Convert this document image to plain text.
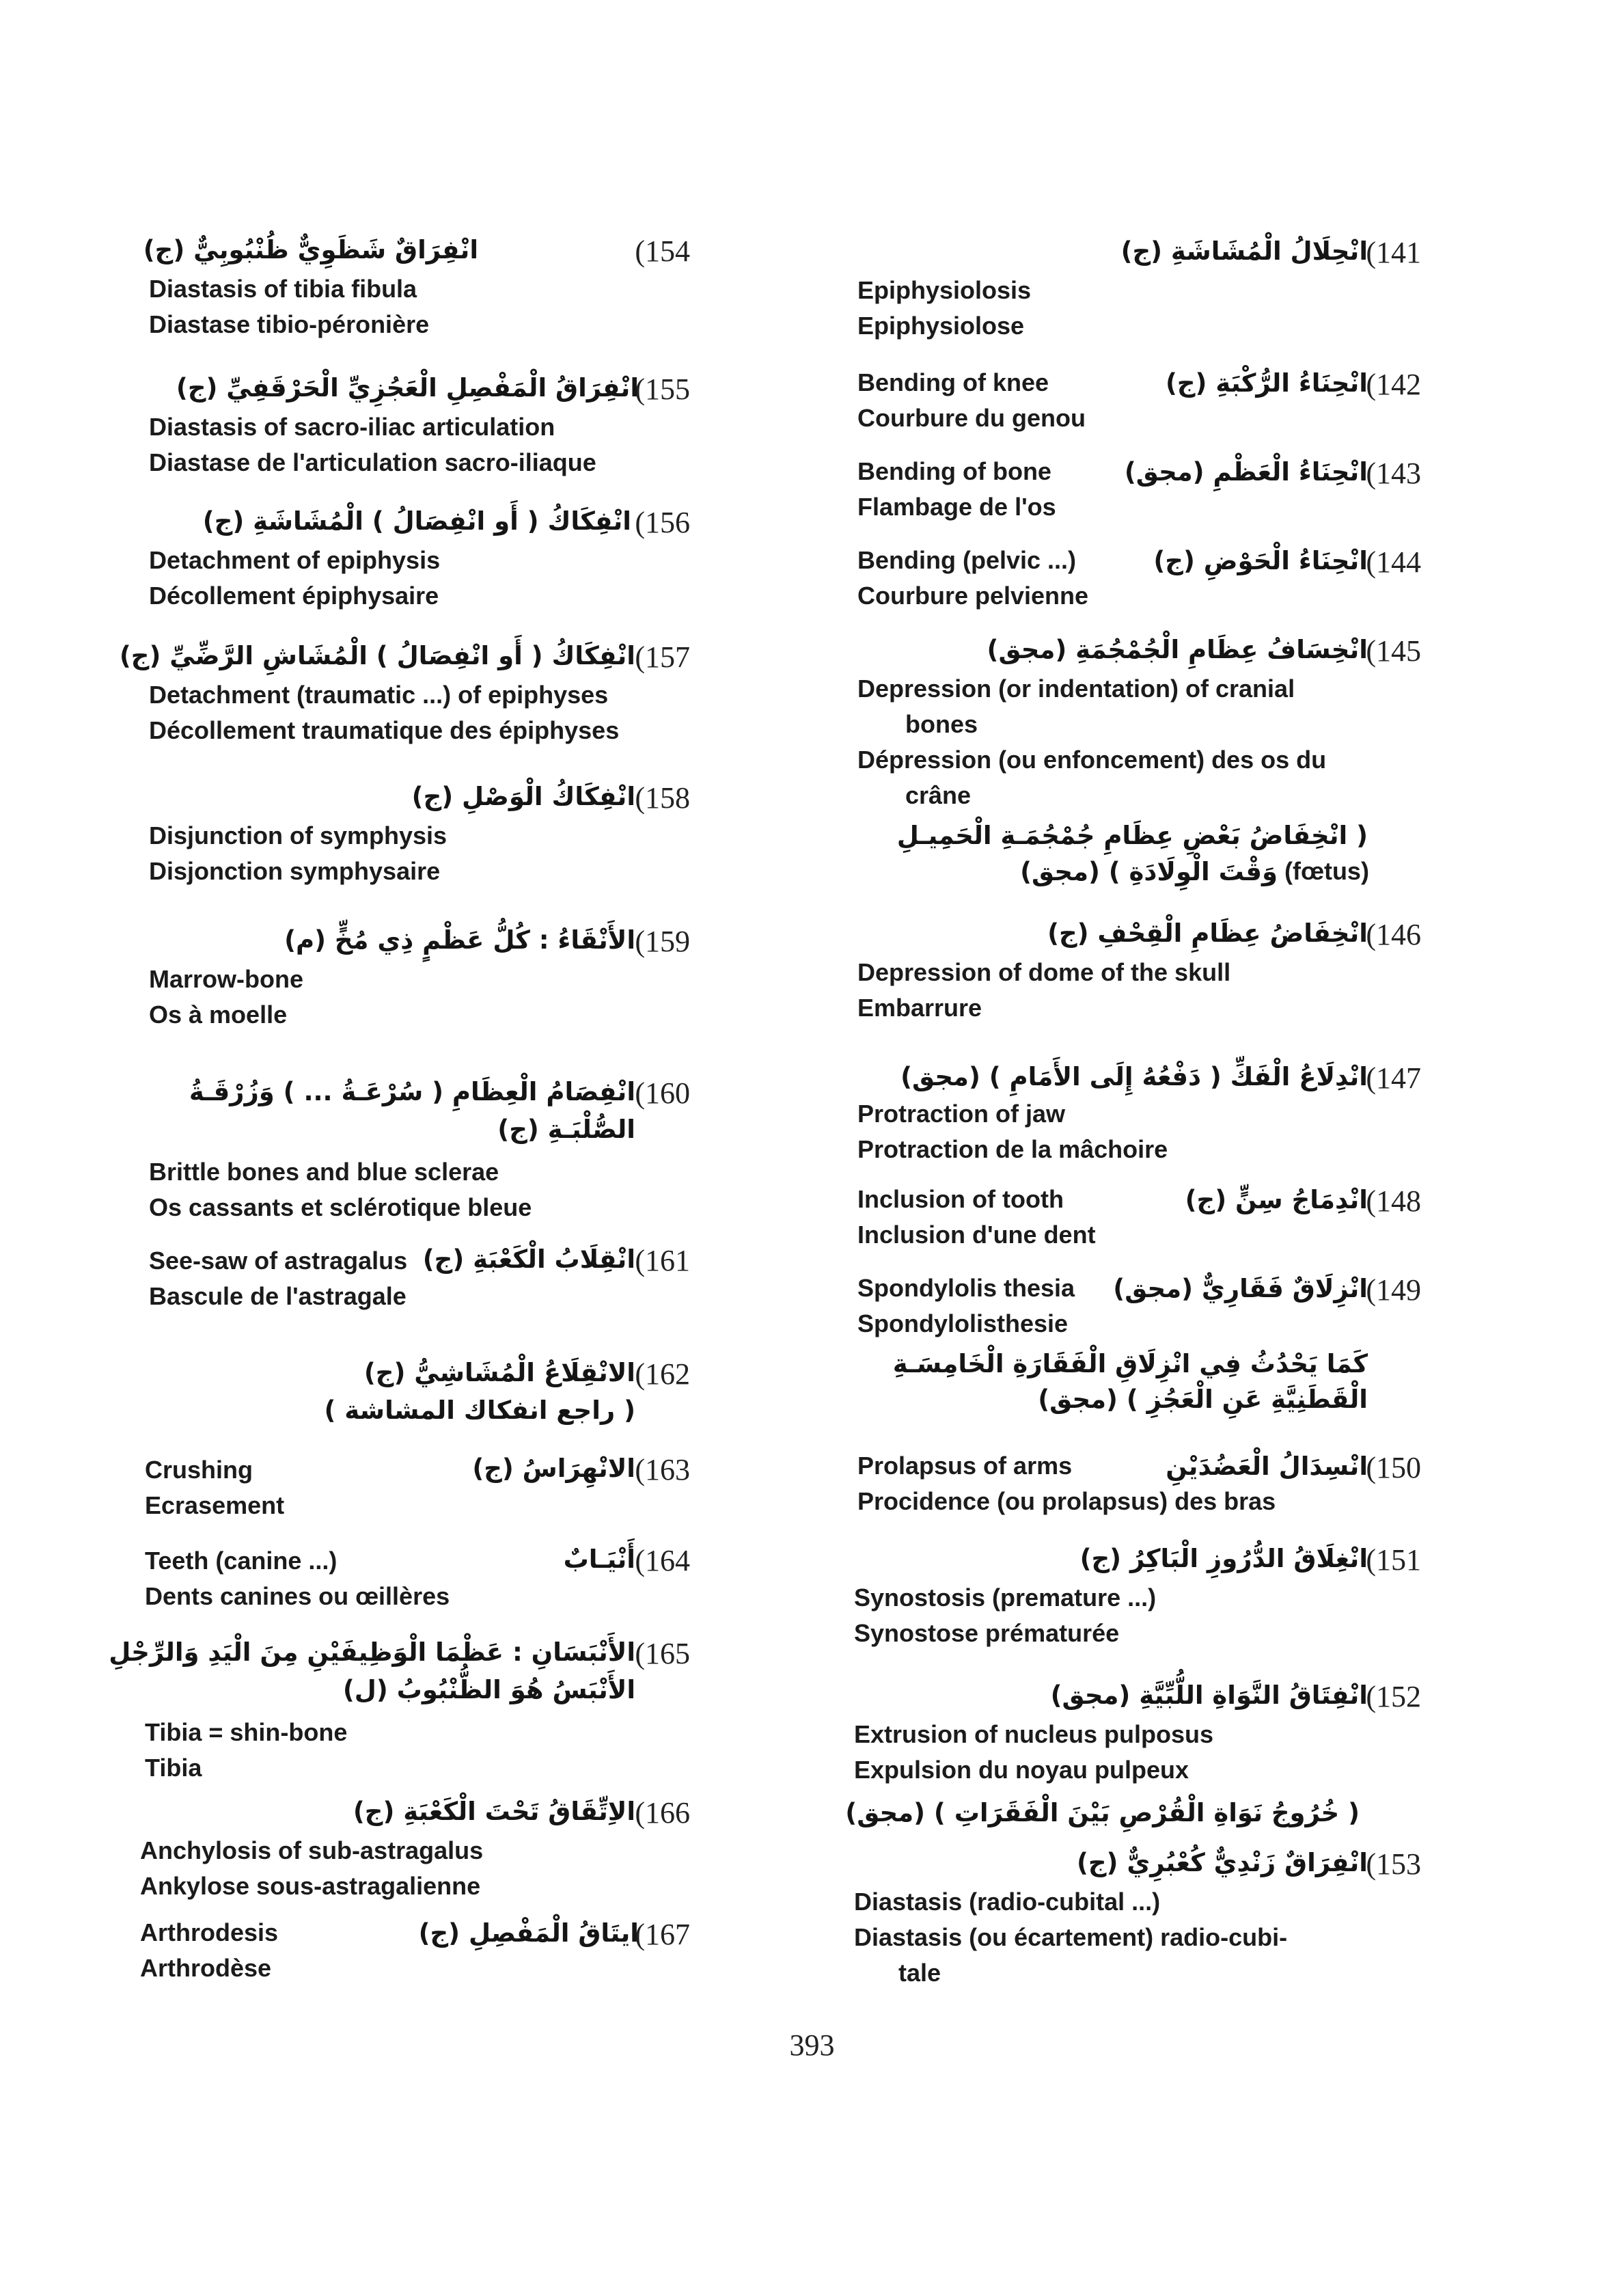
(154
انْفِرَاقٌ شَظَوِيٌّ ظُنْبُوبِيٌّ (ج)
Diastasis of tibia fibula
Diastase tibio-péronière
(155
انْفِرَاقُ الْمَفْصِلِ الْعَجُزِيِّ الْحَرْقَفِيِّ (ج)
Diastasis of sacro-iliac articulation
Diastase de l'articulation sacro-iliaque
(156
انْفِكَاكُ ( أَو انْفِصَالُ ) الْمُشَاشَةِ (ج)
Detachment of epiphysis
Décollement épiphysaire
(157
انْفِكَاكُ ( أَو انْفِصَالُ ) الْمُشَاشِ الرَّضِّيِّ (ج)
Detachment (traumatic ...) of epiphyses
Décollement traumatique des épiphyses
(158
انْفِكَاكُ الْوَصْلِ (ج)
Disjunction of symphysis
Disjonction symphysaire
(159
الأَنْقَاءُ : كُلُّ عَظْمٍ ذِي مُخٍّ (م)
Marrow-bone
Os à moelle
(160
انْفِصَامُ الْعِظَامِ ( سُرْعَـةُ ... ) وَزُرْقَـةُ
الصُّلْبَـةِ (ج)
Brittle bones and blue sclerae
Os cassants et sclérotique bleue
(161
انْقِلَابُ الْكَعْبَةِ (ج)
See-saw of astragalus
Bascule de l'astragale
(162
الانْقِلَاعُ الْمُشَاشِيُّ (ج)
( راجع انفكاك المشاشة )
(163
الانْهِرَاسُ (ج)
Crushing
Ecrasement
(164
أَنْيَـابٌ
Teeth (canine ...)
Dents canines ou œillères
(165
الأَنْبَسَانِ : عَظْمَا الْوَظِيفَيْنِ مِنَ الْيَدِ وَالرِّجْلِ
الأَنْبَسُ هُوَ الظُّنْبُوبُ (ل)
Tibia = shin-bone
Tibia
(166
الاِتِّقَاقُ تَحْتَ الْكَعْبَةِ (ج)
Anchylosis of sub-astragalus
Ankylose sous-astragalienne
(167
ايتَاقُ الْمَفْصِلِ (ج)
Arthrodesis
Arthrodèse
(141
انْحِلَالُ الْمُشَاشَةِ (ج)
Epiphysiolosis
Epiphysiolose
(142
انْحِنَاءُ الرُّكْبَةِ (ج)
Bending of knee
Courbure du genou
(143
انْحِنَاءُ الْعَظْمِ (مجق)
Bending of bone
Flambage de l'os
(144
انْحِنَاءُ الْحَوْضِ (ج)
Bending (pelvic ...)
Courbure pelvienne
(145
انْخِسَافُ عِظَامِ الْجُمْجُمَةِ (مجق)
Depression (or indentation) of cranial
bones
Dépression (ou enfoncement) des os du
crâne
( انْخِفَاضُ بَعْضِ عِظَامِ جُمْجُمَـةِ الْحَمِيـلِ
وَقْتَ الْوِلَادَةِ ) (مجق) (fœtus)
(146
انْخِفَاضُ عِظَامِ الْقِحْفِ (ج)
Depression of dome of the skull
Embarrure
(147
انْدِلَاعُ الْفَكِّ ( دَفْعُهُ إِلَى الأَمَامِ ) (مجق)
Protraction of jaw
Protraction de la mâchoire
(148
انْدِمَاجُ سِنٍّ (ج)
Inclusion of tooth
Inclusion d'une dent
(149
انْزِلَاقٌ فَقَارِيٌّ (مجق)
Spondylolis thesia
Spondylolisthesie
كَمَا يَحْدُثُ فِي انْزِلَاقِ الْفَقَارَةِ الْخَامِسَـةِ
الْقَطَنِيَّةِ عَنِ الْعَجُزِ ) (مجق)
(150
انْسِدَالُ الْعَضُدَيْنِ
Prolapsus of arms
Procidence (ou prolapsus) des bras
(151
انْغِلَاقُ الدُّرُوزِ الْبَاكِرُ (ج)
Synostosis (premature ...)
Synostose prématurée
(152
انْفِتَاقُ النَّوَاةِ اللُّبِّيَّةِ (مجق)
Extrusion of nucleus pulposus
Expulsion du noyau pulpeux
( خُرُوجُ نَوَاةِ الْقُرْصِ بَيْنَ الْفَقَرَاتِ ) (مجق)
(153
انْفِرَاقٌ زَنْدِيٌّ كُعْبُرِيٌّ (ج)
Diastasis (radio-cubital ...)
Diastasis (ou écartement) radio-cubi-
tale
393
